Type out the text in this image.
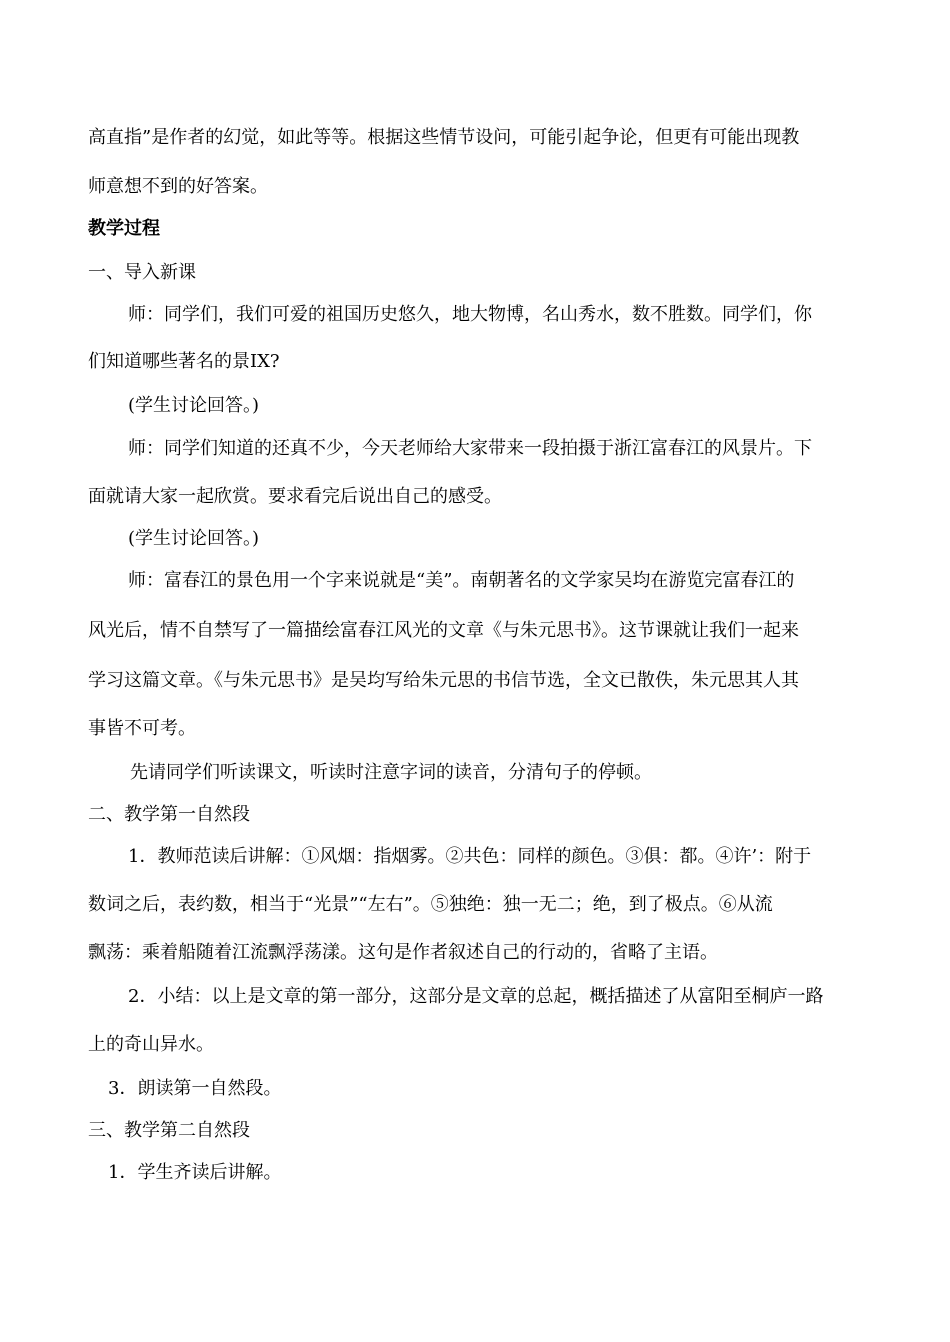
高直指”是作者的幻觉，如此等等。根据这些情节设问，可能引起争论，但更有可能出现教
师意想不到的好答案。
教学过程
一、导入新课
师：同学们，我们可爱的祖国历史悠久，地大物博，名山秀水，数不胜数。同学们，你
们知道哪些著名的景IX?
(学生讨论回答。)
师：同学们知道的还真不少，今天老师给大家带来一段拍摄于浙江富春江的风景片。下
面就请大家一起欣赏。要求看完后说出自己的感受。
(学生讨论回答。)
师：富春江的景色用一个字来说就是“美”。南朝著名的文学家吴均在游览完富春江的
风光后，情不自禁写了一篇描绘富春江风光的文章《与朱元思书》。这节课就让我们一起来
学习这篇文章。《与朱元思书》是吴均写给朱元思的书信节选，全文已散佚，朱元思其人其
事皆不可考。
先请同学们听读课文，听读时注意字词的读音，分清句子的停顿。
二、教学第一自然段
1．教师范读后讲解：①风烟：指烟雾。②共色：同样的颜色。③俱：都。④许’：附于
数词之后，表约数，相当于“光景”“左右”。⑤独绝：独一无二；绝，到了极点。⑥从流
飘荡：乘着船随着江流飘浮荡漾。这句是作者叙述自己的行动的，省略了主语。
2．小结：以上是文章的第一部分，这部分是文章的总起，概括描述了从富阳至桐庐一路
上的奇山异水。
3．朗读第一自然段。
三、教学第二自然段
1．学生齐读后讲解。
